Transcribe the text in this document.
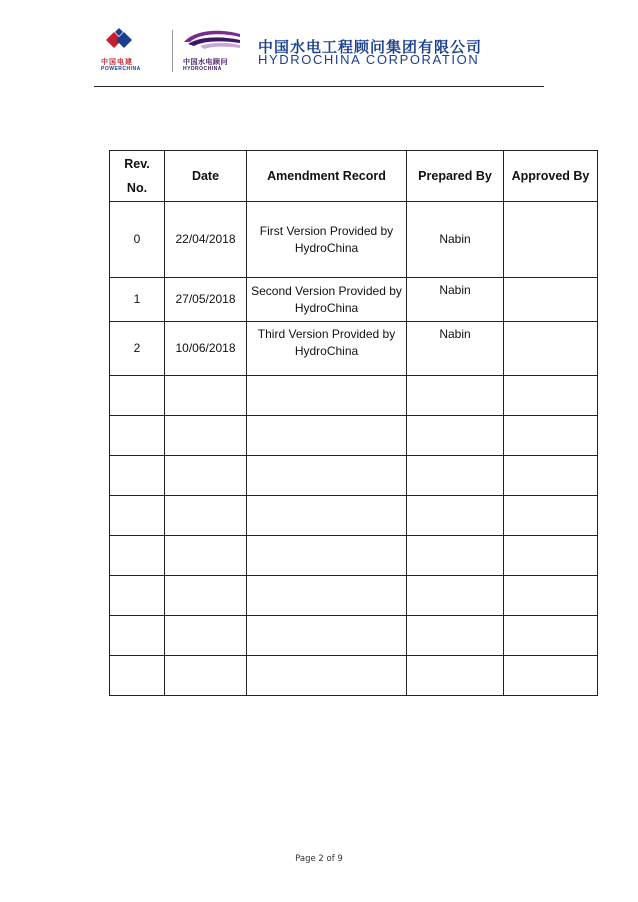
中国电建
POWERCHINA
中国水电顾问
HYDROCHINA
中国水电工程顾问集团有限公司
HYDROCHINA CORPORATION
Rev.
No.	Date	Amendment Record	Prepared By	Approved By
0	22/04/2018	First Version Provided by HydroChina	Nabin	
1	27/05/2018	Second Version Provided by HydroChina	Nabin	
2	10/06/2018	Third Version Provided by HydroChina	Nabin	

Page 2 of 9
